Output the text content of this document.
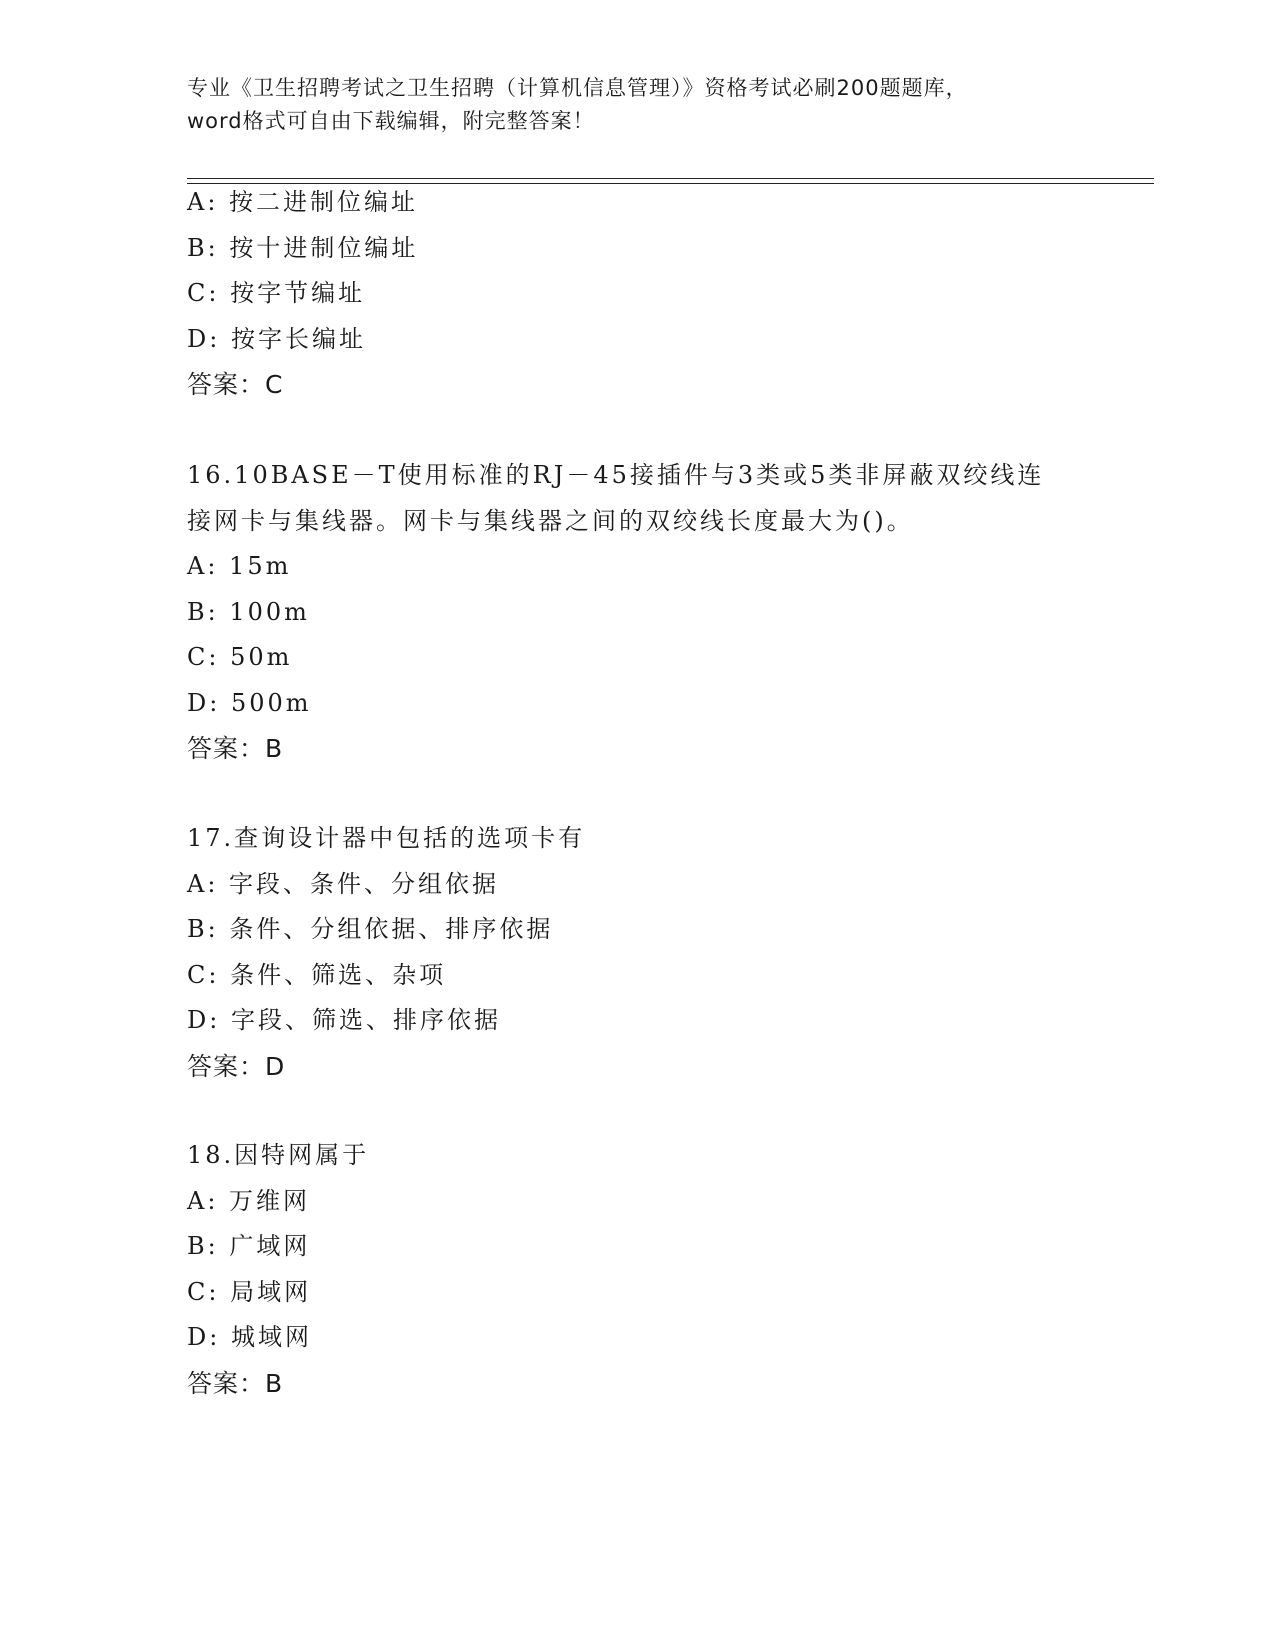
专业《卫生招聘考试之卫生招聘（计算机信息管理）》资格考试必刷200题题库，
word格式可自由下载编辑，附完整答案！
A: 按二进制位编址
B: 按十进制位编址
C: 按字节编址
D: 按字长编址
答案：C
16.10BASE－T使用标准的RJ－45接插件与3类或5类非屏蔽双绞线连
接网卡与集线器。网卡与集线器之间的双绞线长度最大为()。
A: 15m
B: 100m
C: 50m
D: 500m
答案：B
17.查询设计器中包括的选项卡有
A: 字段、条件、分组依据
B: 条件、分组依据、排序依据
C: 条件、筛选、杂项
D: 字段、筛选、排序依据
答案：D
18.因特网属于
A: 万维网
B: 广域网
C: 局域网
D: 城域网
答案：B
